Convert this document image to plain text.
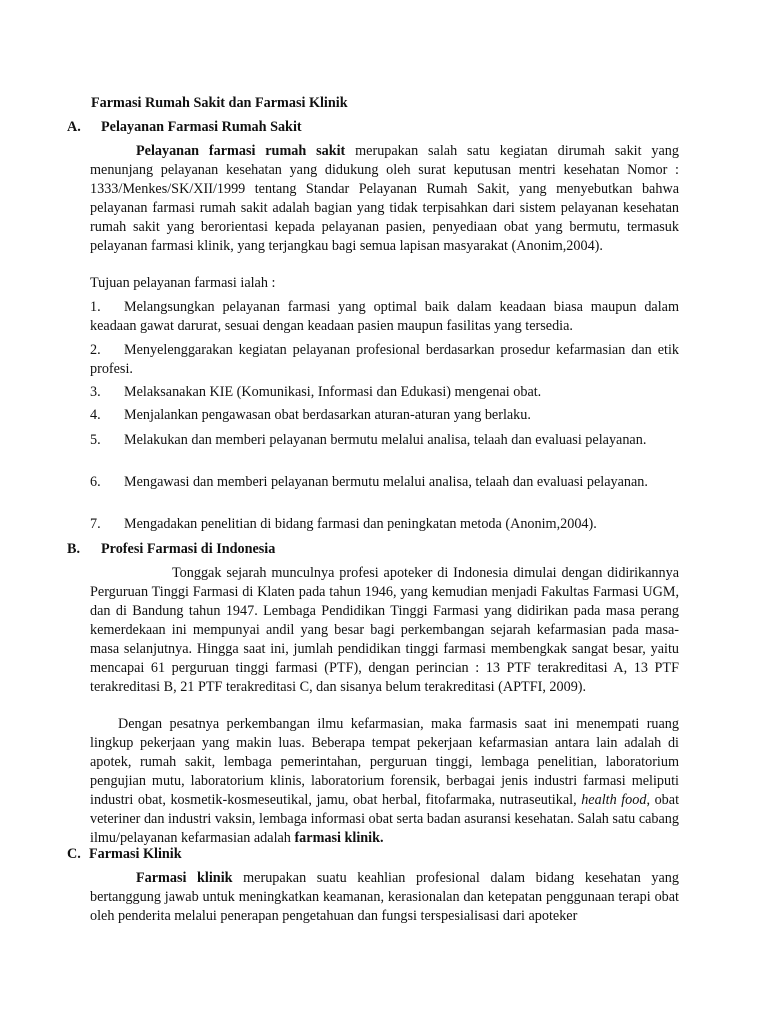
Farmasi Rumah Sakit dan Farmasi Klinik
A. Pelayanan Farmasi Rumah Sakit

Pelayanan farmasi rumah sakit merupakan salah satu kegiatan dirumah sakit yang menunjang pelayanan kesehatan yang didukung oleh surat keputusan mentri kesehatan Nomor : 1333/Menkes/SK/XII/1999 tentang Standar Pelayanan Rumah Sakit, yang menyebutkan bahwa pelayanan farmasi rumah sakit adalah bagian yang tidak terpisahkan dari sistem pelayanan kesehatan rumah sakit yang berorientasi kepada pelayanan pasien, penyediaan obat yang bermutu, termasuk pelayanan farmasi klinik, yang terjangkau bagi semua lapisan masyarakat (Anonim,2004).

Tujuan pelayanan farmasi ialah :
1. Melangsungkan pelayanan farmasi yang optimal baik dalam keadaan biasa maupun dalam keadaan gawat darurat, sesuai dengan keadaan pasien maupun fasilitas yang tersedia.
2. Menyelenggarakan kegiatan pelayanan profesional berdasarkan prosedur kefarmasian dan etik profesi.
3. Melaksanakan KIE (Komunikasi, Informasi dan Edukasi) mengenai obat.
4. Menjalankan pengawasan obat berdasarkan aturan-aturan yang berlaku.
5. Melakukan dan memberi pelayanan bermutu melalui analisa, telaah dan evaluasi pelayanan.
6. Mengawasi dan memberi pelayanan bermutu melalui analisa, telaah dan evaluasi pelayanan.
7. Mengadakan penelitian di bidang farmasi dan peningkatan metoda (Anonim,2004).
B. Profesi Farmasi di Indonesia

Tonggak sejarah munculnya profesi apoteker di Indonesia dimulai dengan didirikannya Perguruan Tinggi Farmasi di Klaten pada tahun 1946, yang kemudian menjadi Fakultas Farmasi UGM, dan di Bandung tahun 1947. Lembaga Pendidikan Tinggi Farmasi yang didirikan pada masa perang kemerdekaan ini mempunyai andil yang besar bagi perkembangan sejarah kefarmasian pada masa-masa selanjutnya. Hingga saat ini, jumlah pendidikan tinggi farmasi membengkak sangat besar, yaitu mencapai 61 perguruan tinggi farmasi (PTF), dengan perincian : 13 PTF terakreditasi A, 13 PTF terakreditasi B, 21 PTF terakreditasi C, dan sisanya belum terakreditasi (APTFI, 2009).

Dengan pesatnya perkembangan ilmu kefarmasian, maka farmasis saat ini menempati ruang lingkup pekerjaan yang makin luas. Beberapa tempat pekerjaan kefarmasian antara lain adalah di apotek, rumah sakit, lembaga pemerintahan, perguruan tinggi, lembaga penelitian, laboratorium pengujian mutu, laboratorium klinis, laboratorium forensik, berbagai jenis industri farmasi meliputi industri obat, kosmetik-kosmeseutikal, jamu, obat herbal, fitofarmaka, nutraseutikal, health food, obat veteriner dan industri vaksin, lembaga informasi obat serta badan asuransi kesehatan. Salah satu cabang ilmu/pelayanan kefarmasian adalah farmasi klinik.

C. Farmasi Klinik

Farmasi klinik merupakan suatu keahlian profesional dalam bidang kesehatan yang bertanggung jawab untuk meningkatkan keamanan, kerasionalan dan ketepatan penggunaan terapi obat oleh penderita melalui penerapan pengetahuan dan fungsi terspesialisasi dari apoteker
